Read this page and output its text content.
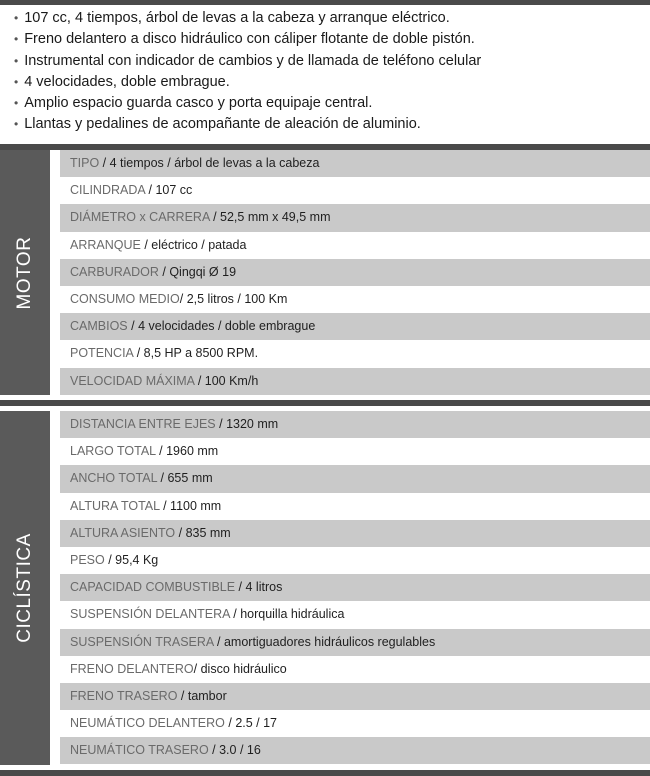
• 107 cc, 4 tiempos, árbol de levas a la cabeza y arranque eléctrico.
• Freno delantero a disco hidráulico con cáliper flotante de doble pistón.
• Instrumental con indicador de cambios y de llamada de teléfono celular
• 4 velocidades, doble embrague.
• Amplio espacio guarda casco y porta equipaje central.
• Llantas y pedalines de acompañante de aleación de aluminio.
MOTOR
TIPO / 4 tiempos / árbol de levas a la cabeza
CILINDRADA / 107 cc
DIÁMETRO x CARRERA / 52,5 mm x 49,5 mm
ARRANQUE / eléctrico / patada
CARBURADOR / Qingqi Ø 19
CONSUMO MEDIO/ 2,5 litros / 100 Km
CAMBIOS / 4 velocidades / doble embrague
POTENCIA / 8,5 HP a 8500 RPM.
VELOCIDAD MÁXIMA / 100 Km/h
CICLÍSTICA
DISTANCIA ENTRE EJES / 1320 mm
LARGO TOTAL / 1960 mm
ANCHO TOTAL / 655 mm
ALTURA TOTAL / 1100 mm
ALTURA ASIENTO / 835 mm
PESO / 95,4 Kg
CAPACIDAD COMBUSTIBLE / 4 litros
SUSPENSIÓN DELANTERA / horquilla hidráulica
SUSPENSIÓN TRASERA / amortiguadores hidráulicos regulables
FRENO DELANTERO/ disco hidráulico
FRENO TRASERO / tambor
NEUMÁTICO DELANTERO / 2.5 / 17
NEUMÁTICO TRASERO / 3.0 / 16
